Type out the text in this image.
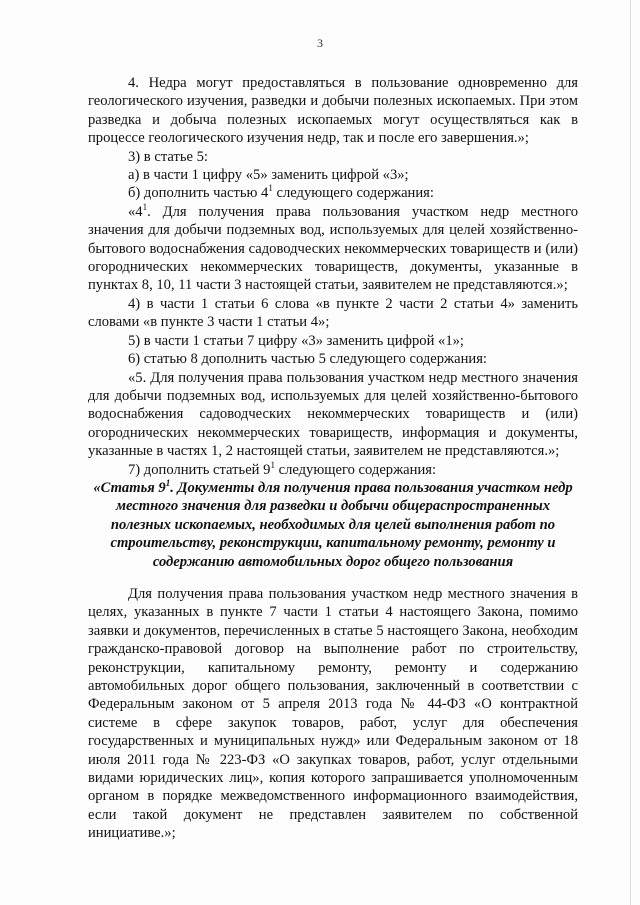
3

4. Недра могут предоставляться в пользование одновременно для геологического изучения, разведки и добычи полезных ископаемых. При этом разведка и добыча полезных ископаемых могут осуществляться как в процессе геологического изучения недр, так и после его завершения.»;

3) в статье 5:

а) в части 1 цифру «5» заменить цифрой «3»;

б) дополнить частью $4^1$ следующего содержания:

«$4^1$. Для получения права пользования участком недр местного значения для добычи подземных вод, используемых для целей хозяйственно-бытового водоснабжения садоводческих некоммерческих товариществ и (или) огороднических некоммерческих товариществ, документы, указанные в пунктах 8, 10, 11 части 3 настоящей статьи, заявителем не представляются.»;

4) в части 1 статьи 6 слова «в пункте 2 части 2 статьи 4» заменить словами «в пункте 3 части 1 статьи 4»;

5) в части 1 статьи 7 цифру «3» заменить цифрой «1»;

6) статью 8 дополнить частью 5 следующего содержания:

«5. Для получения права пользования участком недр местного значения для добычи подземных вод, используемых для целей хозяйственно-бытового водоснабжения садоводческих некоммерческих товариществ и (или) огороднических некоммерческих товариществ, информация и документы, указанные в частях 1, 2 настоящей статьи, заявителем не представляются.»;

7) дополнить статьей $9^1$ следующего содержания:

«Статья $9^1$. Документы для получения права пользования участком недр местного значения для разведки и добычи общераспространенных полезных ископаемых, необходимых для целей выполнения работ по строительству, реконструкции, капитальному ремонту, ремонту и содержанию автомобильных дорог общего пользования

Для получения права пользования участком недр местного значения в целях, указанных в пункте 7 части 1 статьи 4 настоящего Закона, помимо заявки и документов, перечисленных в статье 5 настоящего Закона, необходим гражданско-правовой договор на выполнение работ по строительству, реконструкции, капитальному ремонту, ремонту и содержанию автомобильных дорог общего пользования, заключенный в соответствии с Федеральным законом от 5 апреля 2013 года № 44-ФЗ «О контрактной системе в сфере закупок товаров, работ, услуг для обеспечения государственных и муниципальных нужд» или Федеральным законом от 18 июля 2011 года № 223-ФЗ «О закупках товаров, работ, услуг отдельными видами юридических лиц», копия которого запрашивается уполномоченным органом в порядке межведомственного информационного взаимодействия, если такой документ не представлен заявителем по собственной инициативе.»;
